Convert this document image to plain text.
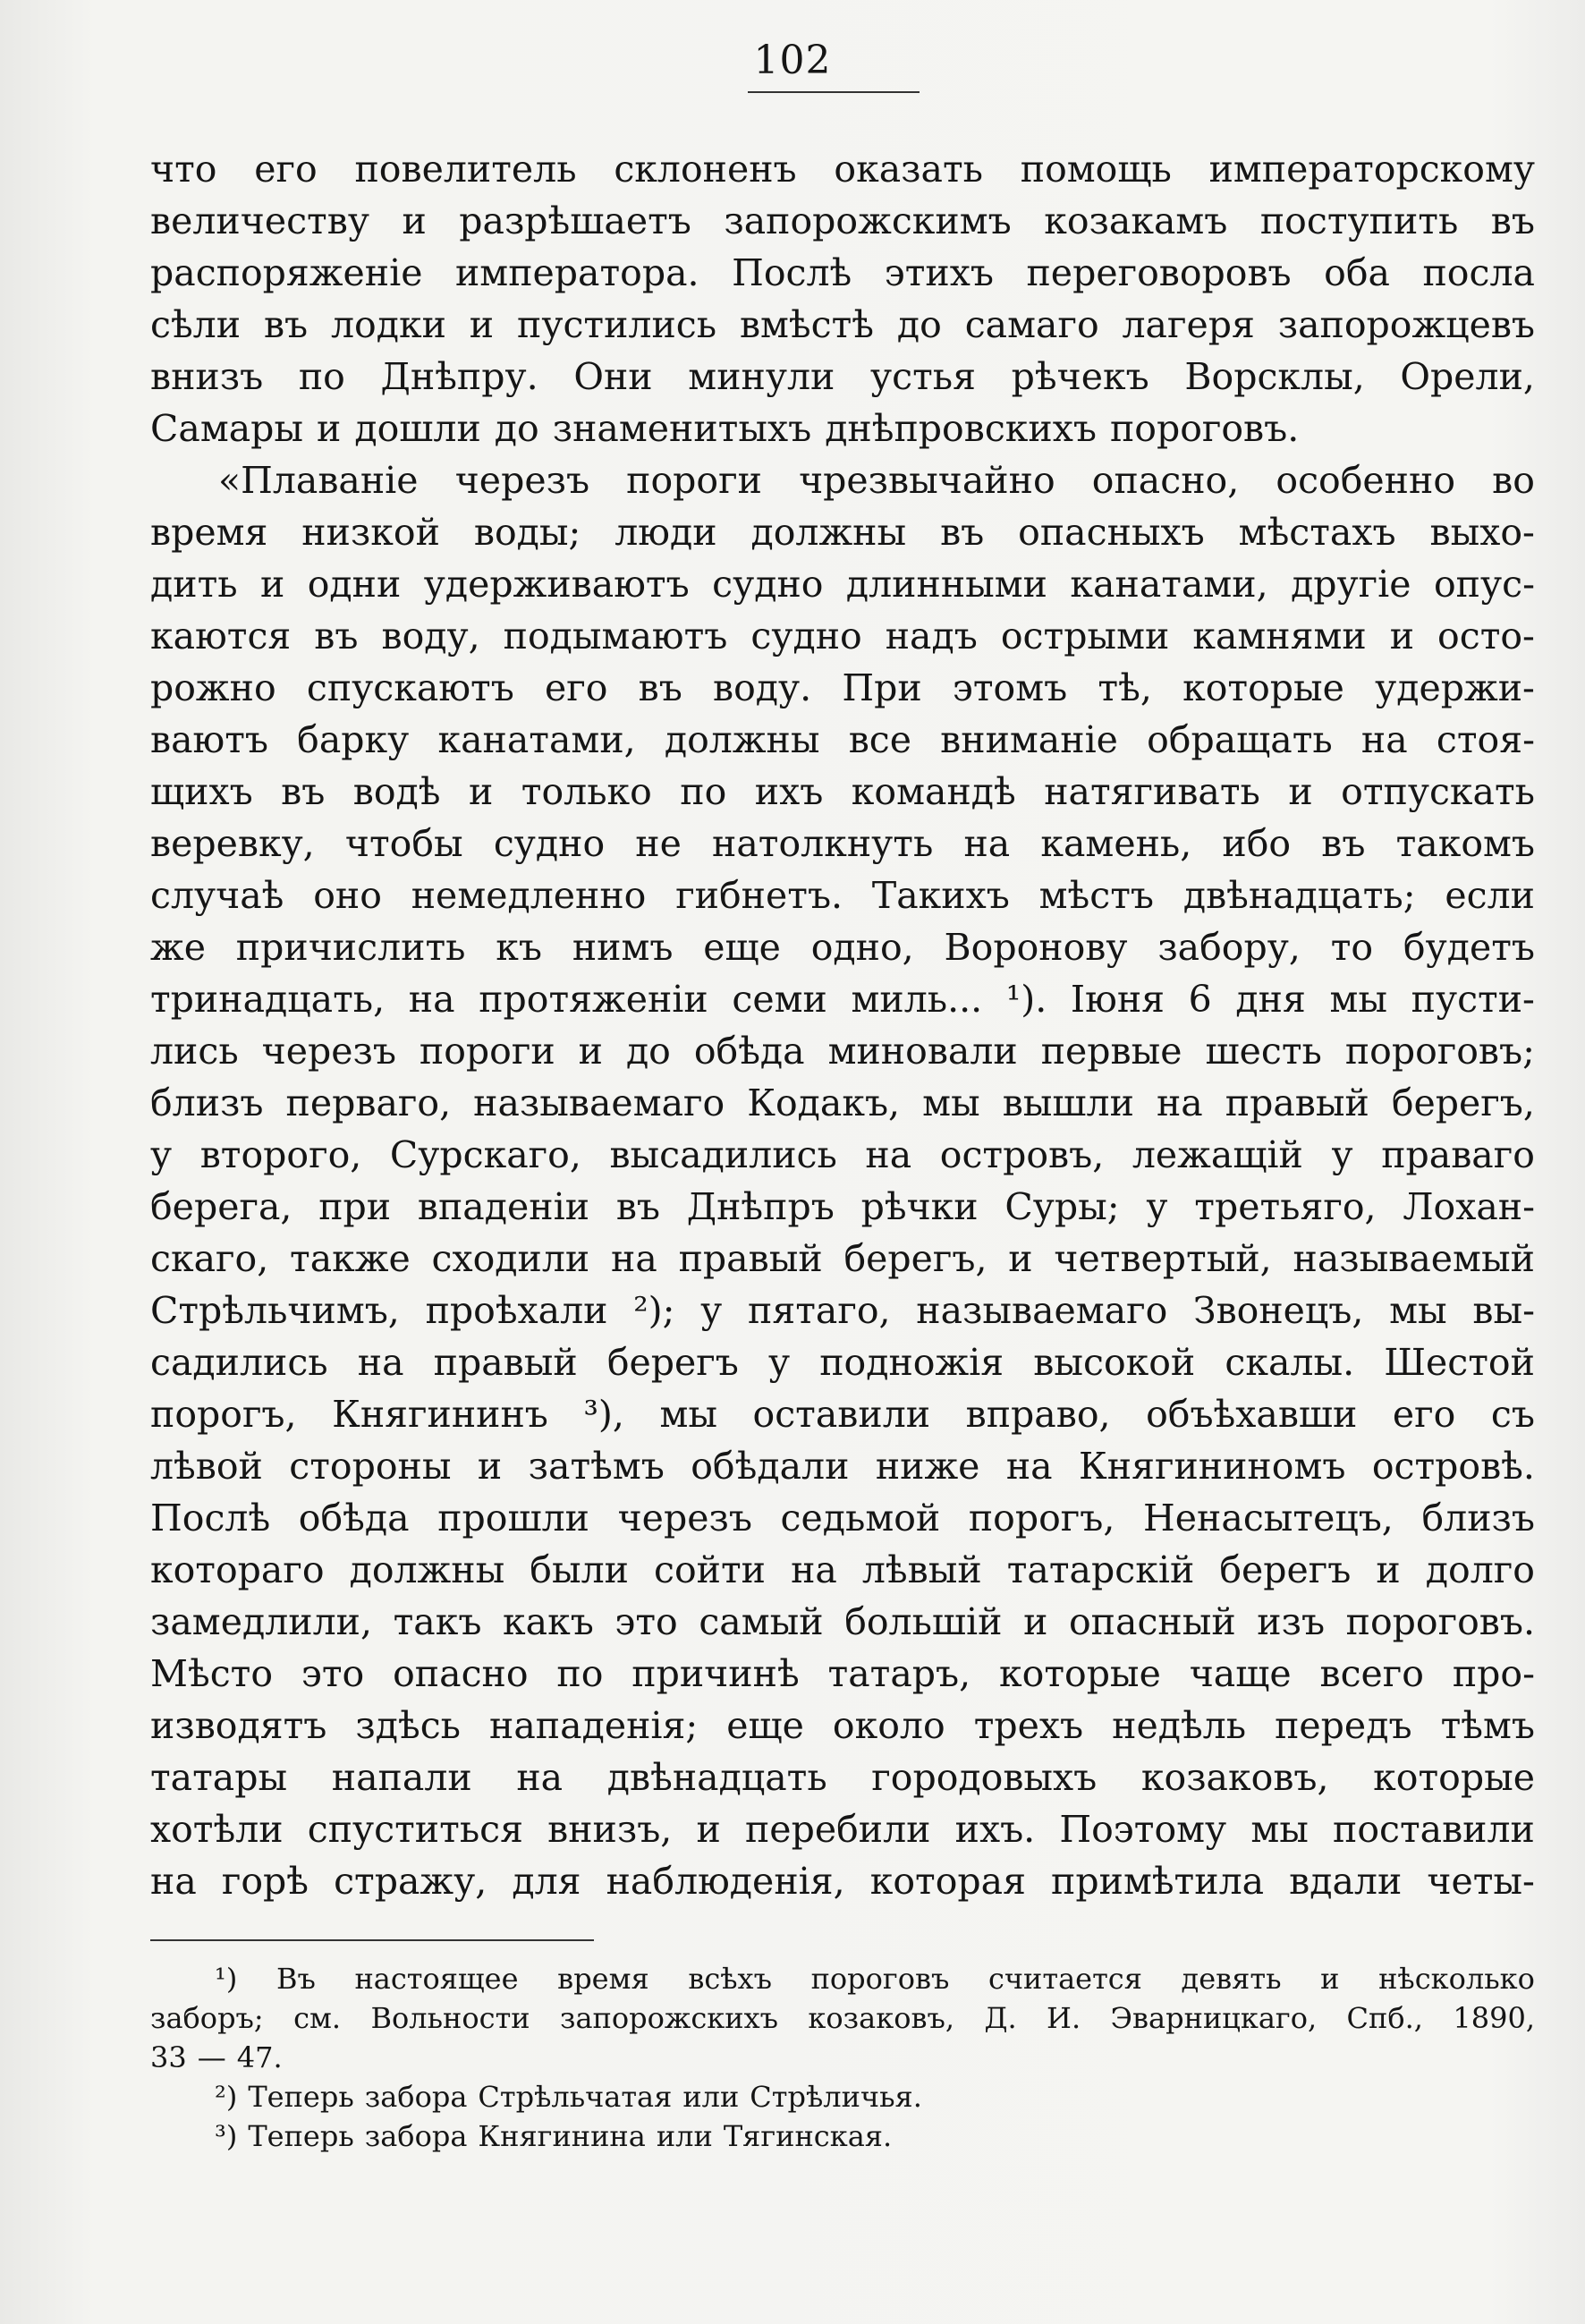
102
что его повелитель склоненъ оказать помощь императорскому
величеству и разрѣшаетъ запорожскимъ козакамъ поступить въ
распоряженіе императора. Послѣ этихъ переговоровъ оба посла
сѣли въ лодки и пустились вмѣстѣ до самаго лагеря запорожцевъ
внизъ по Днѣпру. Они минули устья рѣчекъ Ворсклы, Орели,
Самары и дошли до знаменитыхъ днѣпровскихъ пороговъ.
«Плаваніе черезъ пороги чрезвычайно опасно, особенно во
время низкой воды; люди должны въ опасныхъ мѣстахъ выхо-
дить и одни удерживаютъ судно длинными канатами, другіе опус-
каются въ воду, подымаютъ судно надъ острыми камнями и осто-
рожно спускаютъ его въ воду. При этомъ тѣ, которые удержи-
ваютъ барку канатами, должны все вниманіе обращать на стоя-
щихъ въ водѣ и только по ихъ командѣ натягивать и отпускать
веревку, чтобы судно не натолкнуть на камень, ибо въ такомъ
случаѣ оно немедленно гибнетъ. Такихъ мѣстъ двѣнадцать; если
же причислить къ нимъ еще одно, Воронову забору, то будетъ
тринадцать, на протяженіи семи миль... ¹). Іюня 6 дня мы пусти-
лись черезъ пороги и до обѣда миновали первые шесть пороговъ;
близъ перваго, называемаго Кодакъ, мы вышли на правый берегъ,
у второго, Сурскаго, высадились на островъ, лежащій у праваго
берега, при впаденіи въ Днѣпръ рѣчки Суры; у третьяго, Лохан-
скаго, также сходили на правый берегъ, и четвертый, называемый
Стрѣльчимъ, проѣхали ²); у пятаго, называемаго Звонецъ, мы вы-
садились на правый берегъ у подножія высокой скалы. Шестой
порогъ, Княгининъ ³), мы оставили вправо, объѣхавши его съ
лѣвой стороны и затѣмъ обѣдали ниже на Княгининомъ островѣ.
Послѣ обѣда прошли черезъ седьмой порогъ, Ненасытецъ, близъ
котораго должны были сойти на лѣвый татарскій берегъ и долго
замедлили, такъ какъ это самый большій и опасный изъ пороговъ.
Мѣсто это опасно по причинѣ татаръ, которые чаще всего про-
изводятъ здѣсь нападенія; еще около трехъ недѣль передъ тѣмъ
татары напали на двѣнадцать городовыхъ козаковъ, которые
хотѣли спуститься внизъ, и перебили ихъ. Поэтому мы поставили
на горѣ стражу, для наблюденія, которая примѣтила вдали четы-
¹) Въ настоящее время всѣхъ пороговъ считается девять и нѣсколько
заборъ; см. Вольности запорожскихъ козаковъ, Д. И. Эварницкаго, Спб., 1890,
33 — 47.
²) Теперь забора Стрѣльчатая или Стрѣличья.
³) Теперь забора Княгинина или Тягинская.
